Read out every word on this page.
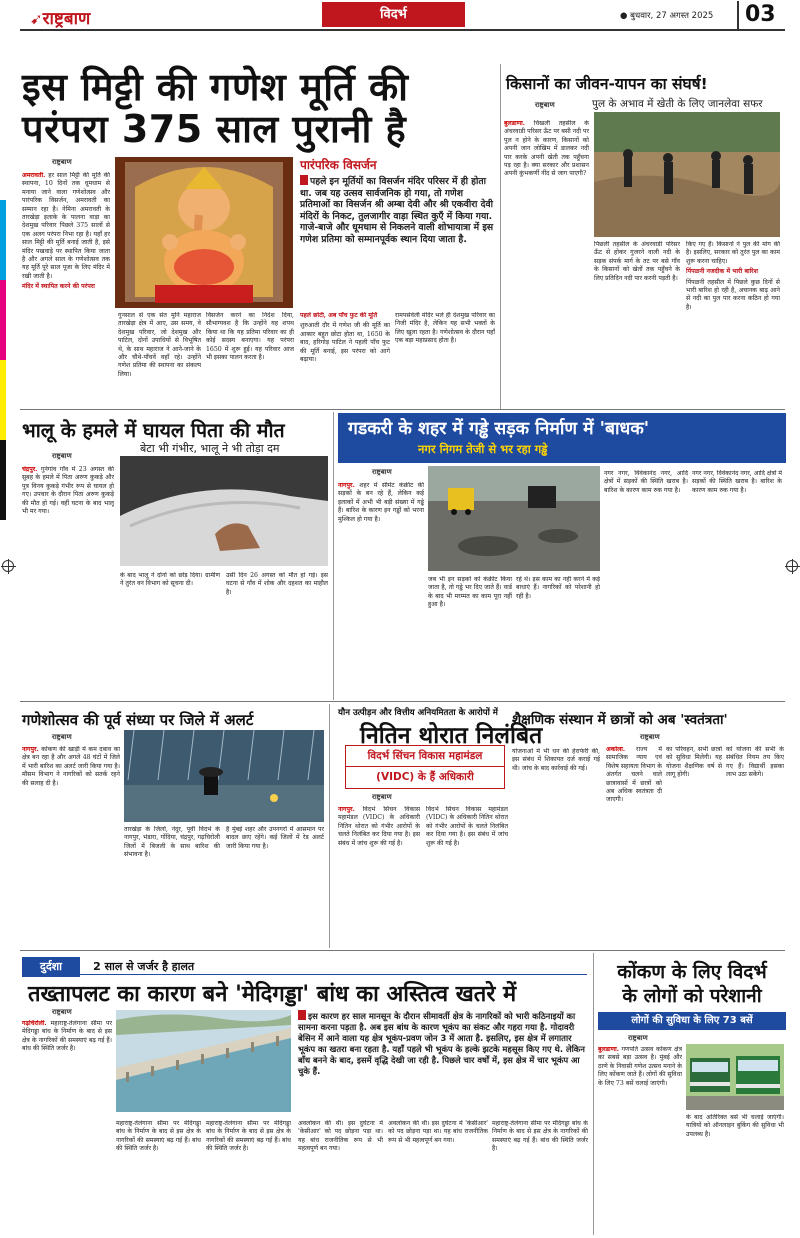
➹राष्ट्रबाण	विदर्भ	● बुधवार, 27 अगस्त 2025	03
इस मिट्टी की गणेश मूर्ति की
परंपरा 375 साल पुरानी है
राष्ट्रबाण

अमरावती. हर साल मिट्टी की मूर्ति की स्थापना, 10 दिनों तक धूमधाम से मनाया जाने वाला गणेशोत्सव और पारंपरिक विसर्जन, अमरावती का सम्मान रहा है। नेमिना अमरावती के तारखेड़ा इलाके के पालना वाड़ा का देशमुख परिवार पिछले 375 सालों से एक अलग परंपरा निभा रहा है। यहाँ हर साल मिट्टी की मूर्ति बनाई जाती है, इसे मंदिर पखवाड़े पर स्थापित किया जाता है और अगले साल के गणेशोत्सव तक यह मूर्ति पूरे साल पूजा के लिए मंदिर में रखी जाती है।

मंदिर में स्थापित करने की परंपरा

पारंपरिक विसर्जन
पहले इन मूर्तियों का विसर्जन मंदिर परिसर में ही होता था. जब यह उत्सव सार्वजनिक हो गया, तो गणेश प्रतिमाओं का विसर्जन श्री अम्बा देवी और श्री एकवीरा देवी मंदिरों के निकट, तुलजागीर वाड़ा स्थित कुएँ में किया गया. गाजे-बाजे और धूमधाम से निकलने वाली शोभायात्रा में इस गणेश प्रतिमा को सम्मानपूर्वक स्थान दिया जाता है.

गुनसाल से एक संत मुनि महाराज तारखेड़ा क्षेत्र में आए, उस समय, वे देशमुख परिवार, जो देशमुख और पाटिल, दोनों उपाधियों से विभूषित थे, के साथ महाराज ने आने-जाने के और चौथे-पाँचवें वहाँ रहे। उन्होंने गणेश प्रतिमा की स्थापना का संकल्प लिया।

विसर्जन करने का निर्देश दिया, सौभाग्यवश है कि उन्होंने यह शपथ किया था कि यह प्रतिमा परिवार का ही कोई सदस्य बनाएगा। यह परंपरा 1650 में शुरू हुई। यह परिवार आज भी इसका पालन करता है।

पहले छोटी, अब पाँच फुट की मूर्ति

शुरुआती दौर में गणेश जी की मूर्ति का आकार बहुत छोटा होता था, 1650 के बाद, हरिगोड़ पाटिल ने पहली पाँच फुट की मूर्ति बनाई, इस परंपरा को आगे बढ़ाया।

रामपसेवेली मंदिर भले ही देशमुख परिवार का निजी मंदिर है, लेकिन यह सभी भक्तों के लिए खुला रहता है। गणेशोत्सव के दौरान यहाँ एक बड़ा महाप्रसाद होता है।

किसानों का जीवन-यापन का संघर्ष!
पुल के अभाव में खेती के लिए जानलेवा सफर
राष्ट्रबाण

बुलडाणा. चिखली तहसील के अंचरवाडी परिसर ऊँट पर बसी नदी पर पुल न होने के कारण, किसानों को अपनी जान जोखिम में डालकर नदी पार करके अपनी खेती तक पहुँचना पड़ रहा है। क्या सरकार और प्रशासन अपनी कुंभकर्णी नींद से जाग पाएगी?

पिछली तहसील के अंचरवाडी परिसर ऊँट से होकर गुजरने वाली नदी के सड़क संपर्क मार्ग के तट पर बसे गाँव के किसानों को खेतों तक पहुँचने के लिए प्रतिदिन नदी पार करनी पड़ती है।

किए गए हैं। किसानों ने पुल की मांग की है। इसलिए, सरकार को तुरंत पुल का काम शुरू करना चाहिए।

पिंपळनी नजदीक में भारी बारिश

पिंपळनी तहसील में पिछले कुछ दिनों से भारी बारिश हो रही है, अचानक बाढ़ आने से नदी का पुल पार करना कठिन हो गया है।

भालू के हमले में घायल पिता की मौत
बेटा भी गंभीर, भालू ने भी तोड़ा दम
राष्ट्रबाण

चंद्रपुर. गुनेगांव गाँव में 23 अगस्त की सुबह के हमले में पिता अरुण कुकड़े और पुत्र विनय कुकड़े गंभीर रूप से घायल हो गए। उपचार के दौरान पिता अरुण कुकड़े की मौत हो गई। वहीं घटना के बाद भालू भी मर गया।

के बाद भालू ने दोनों को छोड़ दिया। ग्रामीण ने तुरंत वन विभाग को सूचना दी।

उसी दिन 26 अगस्त को मौत हो गई। इस घटना से गाँव में शोक और दहशत का माहौल है।

गडकरी के शहर में गड्ढे सड़क निर्माण में 'बाधक'
नगर निगम तेजी से भर रहा गड्ढे
राष्ट्रबाण

नागपुर. शहर में सीमेंट कंक्रीट की सड़कों के बन रहे हैं, लेकिन कई इलाकों में अभी भी बड़ी संख्या में गड्ढे हैं। बारिश के कारण इन गड्ढों को भरना मुश्किल हो गया है।

जब भी इन सड़कों को कंक्रीट किया जाता है, तो गड्ढे भर दिए जाते हैं। वार्ड के बाद भी मरम्मत का काम पूरा नहीं हुआ है।

रहे थे। इस काम का नहीं करने में कई बाधाएं हैं। नागरिकों को परेशानी हो रही है।

नगर नगर, विवेकानंद नगर, आदि क्षेत्रों में सड़कों की स्थिति खराब है। बारिश के कारण काम रुक गया है।

नगर नगर, विवेकानंद नगर, आदि क्षेत्रों में सड़कों की स्थिति खराब है। बारिश के कारण काम रुक गया है।

गणेशोत्सव की पूर्व संध्या पर जिले में अलर्ट
राष्ट्रबाण

नागपुर. कोंकण की खाड़ी में कम दबाव का क्षेत्र बन रहा है और अगले 48 घंटों में जिले में भारी बारिश का अलर्ट जारी किया गया है। मौसम विभाग ने नागरिकों को सतर्क रहने की सलाह दी है।

तारखेड़ा के जिलों, नंदुर, पूर्वी विदर्भ के नागपुर, भंडारा, गोंदिया, चंद्रपुर, गढ़चिरोली जिलों में बिजली के साथ बारिश की संभावना है।

है मुंबई शहर और उपनगरों में आसमान पर बादल छाए रहेंगे। कई जिलों में रेड अलर्ट जारी किया गया है।

यौन उत्पीड़न और वित्तीय अनियमितता के आरोपों में
नितिन थोरात निलंबित
विदर्भ सिंचन विकास महामंडल
(VIDC) के हैं अधिकारी
राष्ट्रबाण

नागपुर. विदर्भ सिंचन विकास महामंडल (VIDC) के अधिकारी नितिन थोरात को गंभीर आरोपों के चलते निलंबित कर दिया गया है। इस संबंध में जांच शुरू की गई है।

विदर्भ सिंचन विकास महामंडल (VIDC) के अधिकारी नितिन थोरात को गंभीर आरोपों के चलते निलंबित कर दिया गया है। इस संबंध में जांच शुरू की गई है।

योजनाओं में भी धन की हेराफेरी की, इस संबंध में शिकायत दर्ज कराई गई थी। जांच के बाद कार्रवाई की गई।

शैक्षणिक संस्थान में छात्रों को अब 'स्वतंत्रता'
राष्ट्रबाण

अकोला. राज्य में सामाजिक न्याय एवं विशेष सहायता विभाग के अंतर्गत चलने वाले छात्रावासों में छात्रों को अब अधिक स्वतंत्रता दी जाएगी।

का परिवहन, सभी छात्रों को सुविधा मिलेगी। यह योजना शैक्षणिक वर्ष से लागू होगी।

को योजना की सभी के संबंधित नियम तय किए गए हैं। विद्यार्थी इसका लाभ उठा सकेंगे।

दुर्दशा	2 साल से जर्जर है हालत
तख्तापलट का कारण बने 'मेदिगड्डा' बांध का अस्तित्व खतरे में
राष्ट्रबाण

गढ़चिरोली. महाराष्ट्र-तेलंगाना सीमा पर मेदिगड्डा बांध के निर्माण के बाद से इस क्षेत्र के नागरिकों की समस्याएं बढ़ गई हैं। बांध की स्थिति जर्जर है।

इस कारण हर साल मानसून के दौरान सीमावर्ती क्षेत्र के नागरिकों को भारी कठिनाइयों का सामना करना पड़ता है. अब इस बांध के कारण भूकंप का संकट और गहरा गया है. गोदावरी बेसिन में आने वाला यह क्षेत्र भूकंप-प्रवण जोन 3 में आता है. इसलिए, इस क्षेत्र में लगातार भूकंप का खतरा बना रहता है. यहाँ पहले भी भूकंप के हल्के झटके महसूस किए गए थे. लेकिन बाँध बनने के बाद, इसमें वृद्धि देखी जा रही है. पिछले चार वर्षों में, इस क्षेत्र में चार भूकंप आ चुके हैं.

महाराष्ट्र-तेलंगाना सीमा पर मेदिगड्डा बांध के निर्माण के बाद से इस क्षेत्र के नागरिकों की समस्याएं बढ़ गई हैं। बांध की स्थिति जर्जर है।

महाराष्ट्र-तेलंगाना सीमा पर मेदिगड्डा बांध के निर्माण के बाद से इस क्षेत्र के नागरिकों की समस्याएं बढ़ गई हैं। बांध की स्थिति जर्जर है।

अवलोकन की थी। इस दुर्घटना में 'केसीआर' को पद छोड़ना पड़ा था। यह बांध राजनीतिक रूप से भी महत्वपूर्ण बन गया।

अवलोकन की थी। इस दुर्घटना में 'केसीआर' को पद छोड़ना पड़ा था। यह बांध राजनीतिक रूप से भी महत्वपूर्ण बन गया।

महाराष्ट्र-तेलंगाना सीमा पर मेदिगड्डा बांध के निर्माण के बाद से इस क्षेत्र के नागरिकों की समस्याएं बढ़ गई हैं। बांध की स्थिति जर्जर है।

कोंकण के लिए विदर्भ
के लोगों को परेशानी
लोगों की सुविधा के लिए 73 बसें
राष्ट्रबाण

बुलडाणा. गणपति उत्सव कोंकण क्षेत्र का सबसे बड़ा उत्सव है। मुंबई और ठाणे के निवासी गणेश उत्सव मनाने के लिए कोंकण जाते हैं। लोगों की सुविधा के लिए 73 बसें चलाई जाएंगी।

के बाद अतिरिक्त बसें भी चलाई जाएंगी। यात्रियों को ऑनलाइन बुकिंग की सुविधा भी उपलब्ध है।
